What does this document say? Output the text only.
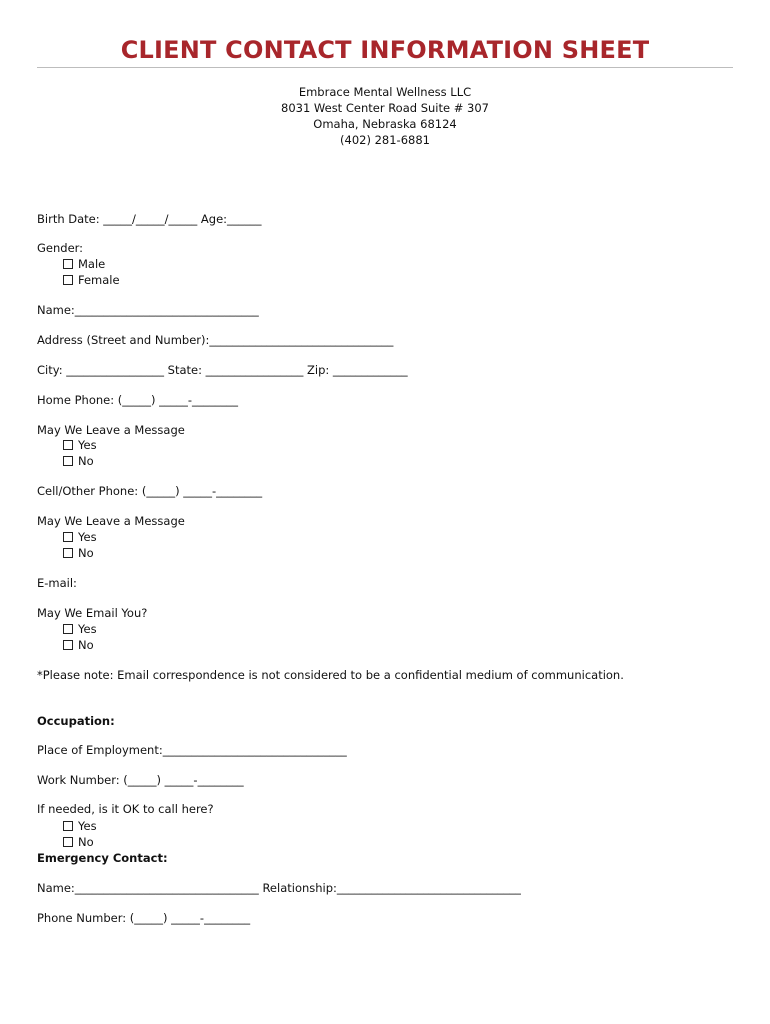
CLIENT CONTACT INFORMATION SHEET
Embrace Mental Wellness LLC
8031 West Center Road Suite # 307
Omaha, Nebraska 68124
(402) 281-6881
Birth Date: _____/_____/_____ Age:______
Gender:
Male
Female
Name:________________________________
Address (Street and Number):________________________________
City: _________________ State: _________________ Zip: _____________
Home Phone: (_____) _____-________
May We Leave a Message
Yes
No
Cell/Other Phone: (_____) _____-________
May We Leave a Message
Yes
No
E-mail:
May We Email You?
Yes
No
*Please note: Email correspondence is not considered to be a confidential medium of communication.
Occupation:
Place of Employment:________________________________
Work Number: (_____) _____-________
If needed, is it OK to call here?
Yes
No
Emergency Contact:
Name:________________________________ Relationship:________________________________
Phone Number: (_____) _____-________
